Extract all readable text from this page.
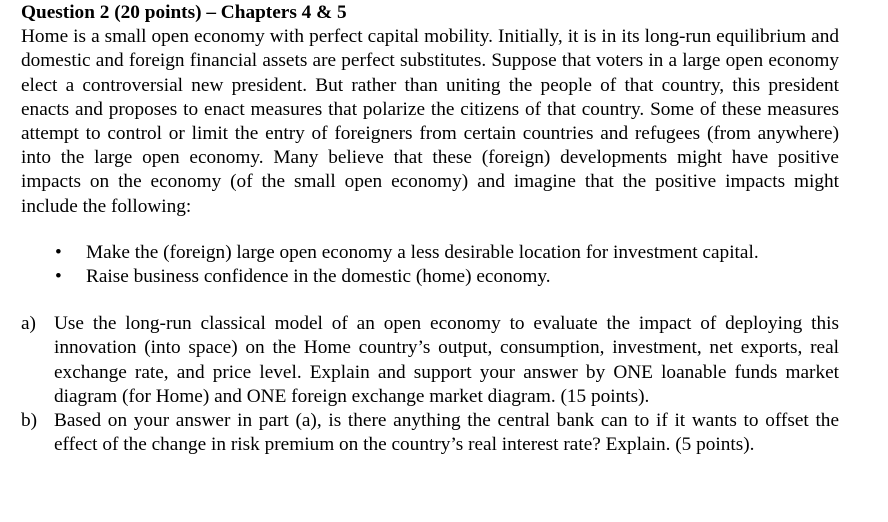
Question 2 (20 points) – Chapters 4 & 5

Home is a small open economy with perfect capital mobility. Initially, it is in its long-run equilibrium and domestic and foreign financial assets are perfect substitutes. Suppose that voters in a large open economy elect a controversial new president. But rather than uniting the people of that country, this president enacts and proposes to enact measures that polarize the citizens of that country. Some of these measures attempt to control or limit the entry of foreigners from certain countries and refugees (from anywhere) into the large open economy. Many believe that these (foreign) developments might have positive impacts on the economy (of the small open economy) and imagine that the positive impacts might include the following:

• Make the (foreign) large open economy a less desirable location for investment capital.
• Raise business confidence in the domestic (home) economy.
a) Use the long-run classical model of an open economy to evaluate the impact of deploying this innovation (into space) on the Home country’s output, consumption, investment, net exports, real exchange rate, and price level. Explain and support your answer by ONE loanable funds market diagram (for Home) and ONE foreign exchange market diagram. (15 points).
b) Based on your answer in part (a), is there anything the central bank can to if it wants to offset the effect of the change in risk premium on the country’s real interest rate? Explain. (5 points).
